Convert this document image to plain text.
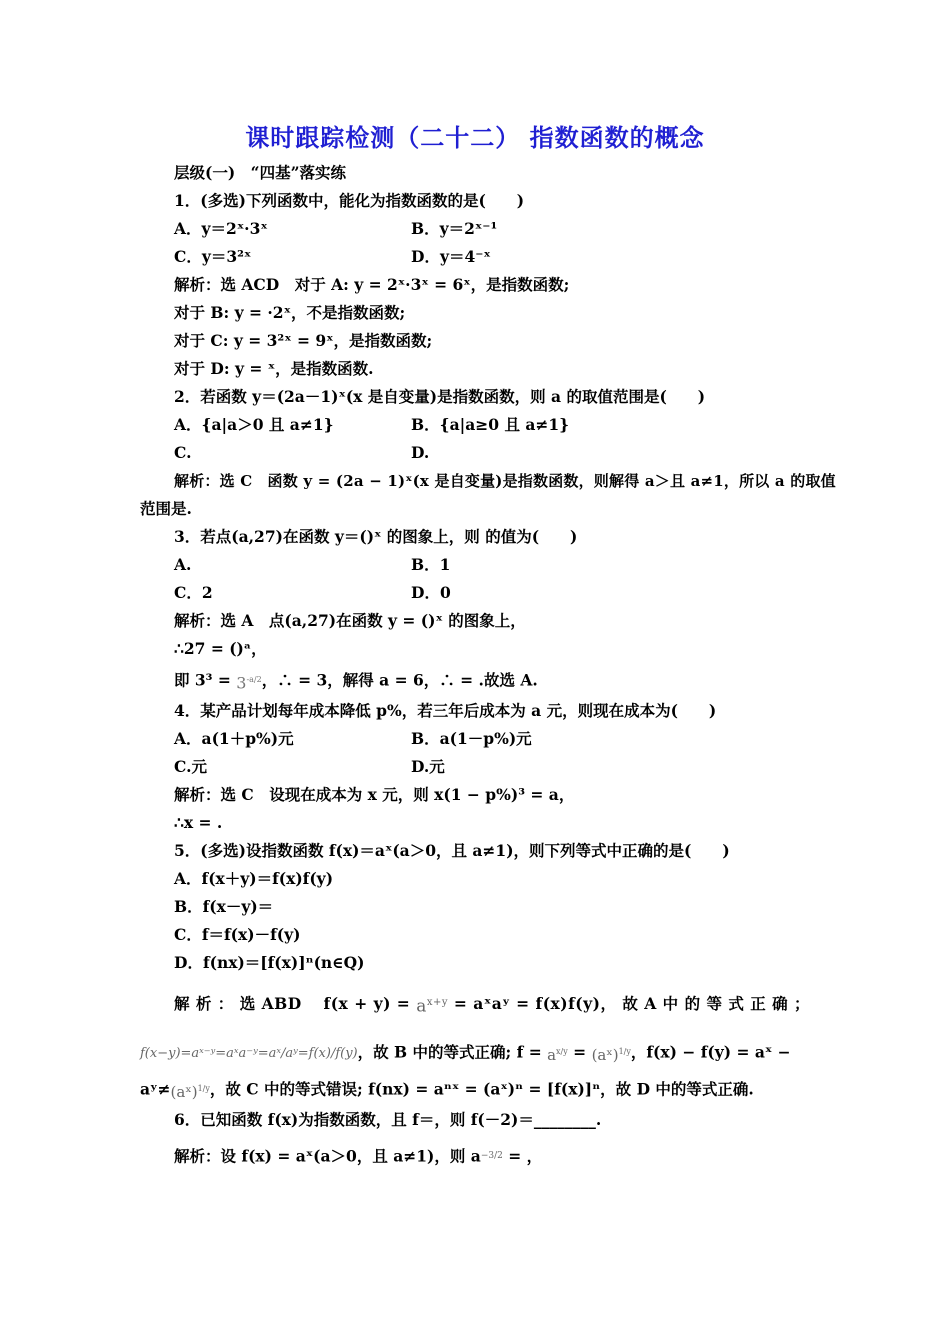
课时跟踪检测（二十二） 指数函数的概念
层级(一)　“四基”落实练
1．(多选)下列函数中，能化为指数函数的是(　　)
A．y＝2ˣ·3ˣ	B．y＝2ˣ⁻¹
C．y＝3²ˣ	D．y＝4⁻ˣ
解析：选 ACD　对于 A: y = 2ˣ·3ˣ = 6ˣ，是指数函数;
对于 B: y = ·2ˣ，不是指数函数;
对于 C: y = 3²ˣ = 9ˣ，是指数函数;
对于 D: y = ˣ，是指数函数.
2．若函数 y＝(2a－1)ˣ(x 是自变量)是指数函数，则 a 的取值范围是(　　)
A．{a|a＞0 且 a≠1}	B．{a|a≥0 且 a≠1}
C.	D.
解析：选 C　函数 y = (2a − 1)ˣ(x 是自变量)是指数函数，则解得 a＞且 a≠1，所以 a 的取值
范围是.
3．若点(a,27)在函数 y＝()ˣ 的图象上，则 的值为(　　)
A.	B．1
C．2	D．0
解析：选 A　点(a,27)在函数 y = ()ˣ 的图象上，
∴27 = ()ᵃ，
即 $3^3 = 3^{-a/2}$，∴ = 3，解得 a = 6，∴ = .故选 A.
4．某产品计划每年成本降低 p%，若三年后成本为 a 元，则现在成本为(　　)
A．a(1＋p%)元	B．a(1－p%)元
C.元	D.元
解析：选 C　设现在成本为 x 元，则 x(1 − p%)³ = a，
∴x = .
5．(多选)设指数函数 f(x)＝aˣ(a＞0，且 a≠1)，则下列等式中正确的是(　　)
A．f(x＋y)＝f(x)f(y)
B．f(x－y)＝
C．f＝f(x)－f(y)
D．f(nx)＝[f(x)]ⁿ(n∈Q)
解 析 ： 选 ABD　 $f(x + y) = a^{x+y}$ = aˣaʸ = f(x)f(y)， 故 A 中 的 等 式 正 确 ；
f(x−y)=aˣ⁻ʸ=aˣa⁻ʸ=aˣ/aʸ=f(x)/f(y)，故 B 中的等式正确; $f = a^{x/y}$ = (aˣ)$^{1/y}$，f(x) − f(y) = aˣ −
aʸ≠(aˣ)$^{1/y}$，故 C 中的等式错误; f(nx) = aⁿˣ = (aˣ)ⁿ = [f(x)]ⁿ，故 D 中的等式正确.
6．已知函数 f(x)为指数函数，且 f＝，则 f(－2)＝________.
解析：设 f(x) = aˣ(a＞0，且 a≠1)，则 $a^{-3/2}$ = ，
